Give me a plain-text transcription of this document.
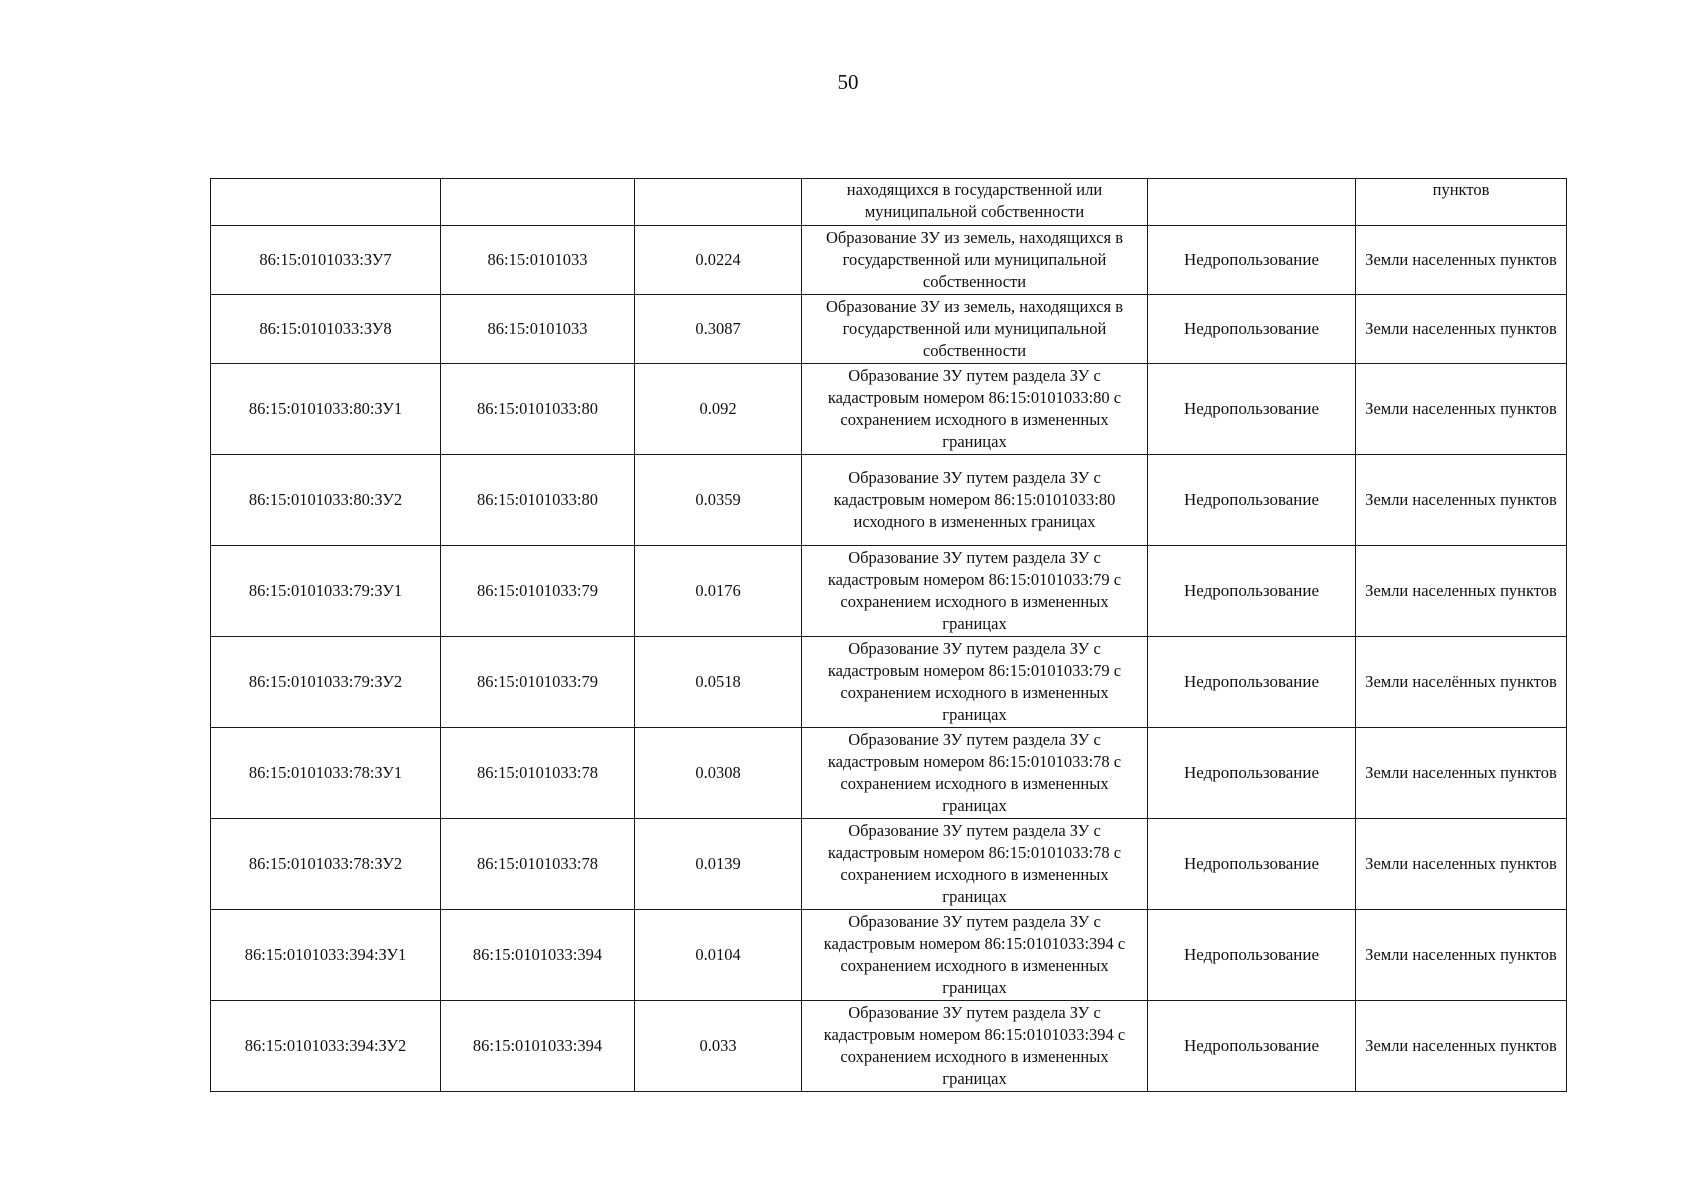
50
			находящихся в государственной или муниципальной собственности		пунктов
86:15:0101033:ЗУ7	86:15:0101033	0.0224	Образование ЗУ из земель, находящихся в государственной или муниципальной собственности	Недропользование	Земли населенных пунктов
86:15:0101033:ЗУ8	86:15:0101033	0.3087	Образование ЗУ из земель, находящихся в государственной или муниципальной собственности	Недропользование	Земли населенных пунктов
86:15:0101033:80:ЗУ1	86:15:0101033:80	0.092	Образование ЗУ путем раздела ЗУ с кадастровым номером 86:15:0101033:80 с сохранением исходного в измененных границах	Недропользование	Земли населенных пунктов
86:15:0101033:80:ЗУ2	86:15:0101033:80	0.0359	Образование ЗУ путем раздела ЗУ с кадастровым номером 86:15:0101033:80 исходного в измененных границах	Недропользование	Земли населенных пунктов
86:15:0101033:79:ЗУ1	86:15:0101033:79	0.0176	Образование ЗУ путем раздела ЗУ с кадастровым номером 86:15:0101033:79 с сохранением исходного в измененных границах	Недропользование	Земли населенных пунктов
86:15:0101033:79:ЗУ2	86:15:0101033:79	0.0518	Образование ЗУ путем раздела ЗУ с кадастровым номером 86:15:0101033:79 с сохранением исходного в измененных границах	Недропользование	Земли населённых пунктов
86:15:0101033:78:ЗУ1	86:15:0101033:78	0.0308	Образование ЗУ путем раздела ЗУ с кадастровым номером 86:15:0101033:78 с сохранением исходного в измененных границах	Недропользование	Земли населенных пунктов
86:15:0101033:78:ЗУ2	86:15:0101033:78	0.0139	Образование ЗУ путем раздела ЗУ с кадастровым номером 86:15:0101033:78 с сохранением исходного в измененных границах	Недропользование	Земли населенных пунктов
86:15:0101033:394:ЗУ1	86:15:0101033:394	0.0104	Образование ЗУ путем раздела ЗУ с кадастровым номером 86:15:0101033:394 с сохранением исходного в измененных границах	Недропользование	Земли населенных пунктов
86:15:0101033:394:ЗУ2	86:15:0101033:394	0.033	Образование ЗУ путем раздела ЗУ с кадастровым номером 86:15:0101033:394 с сохранением исходного в измененных границах	Недропользование	Земли населенных пунктов
